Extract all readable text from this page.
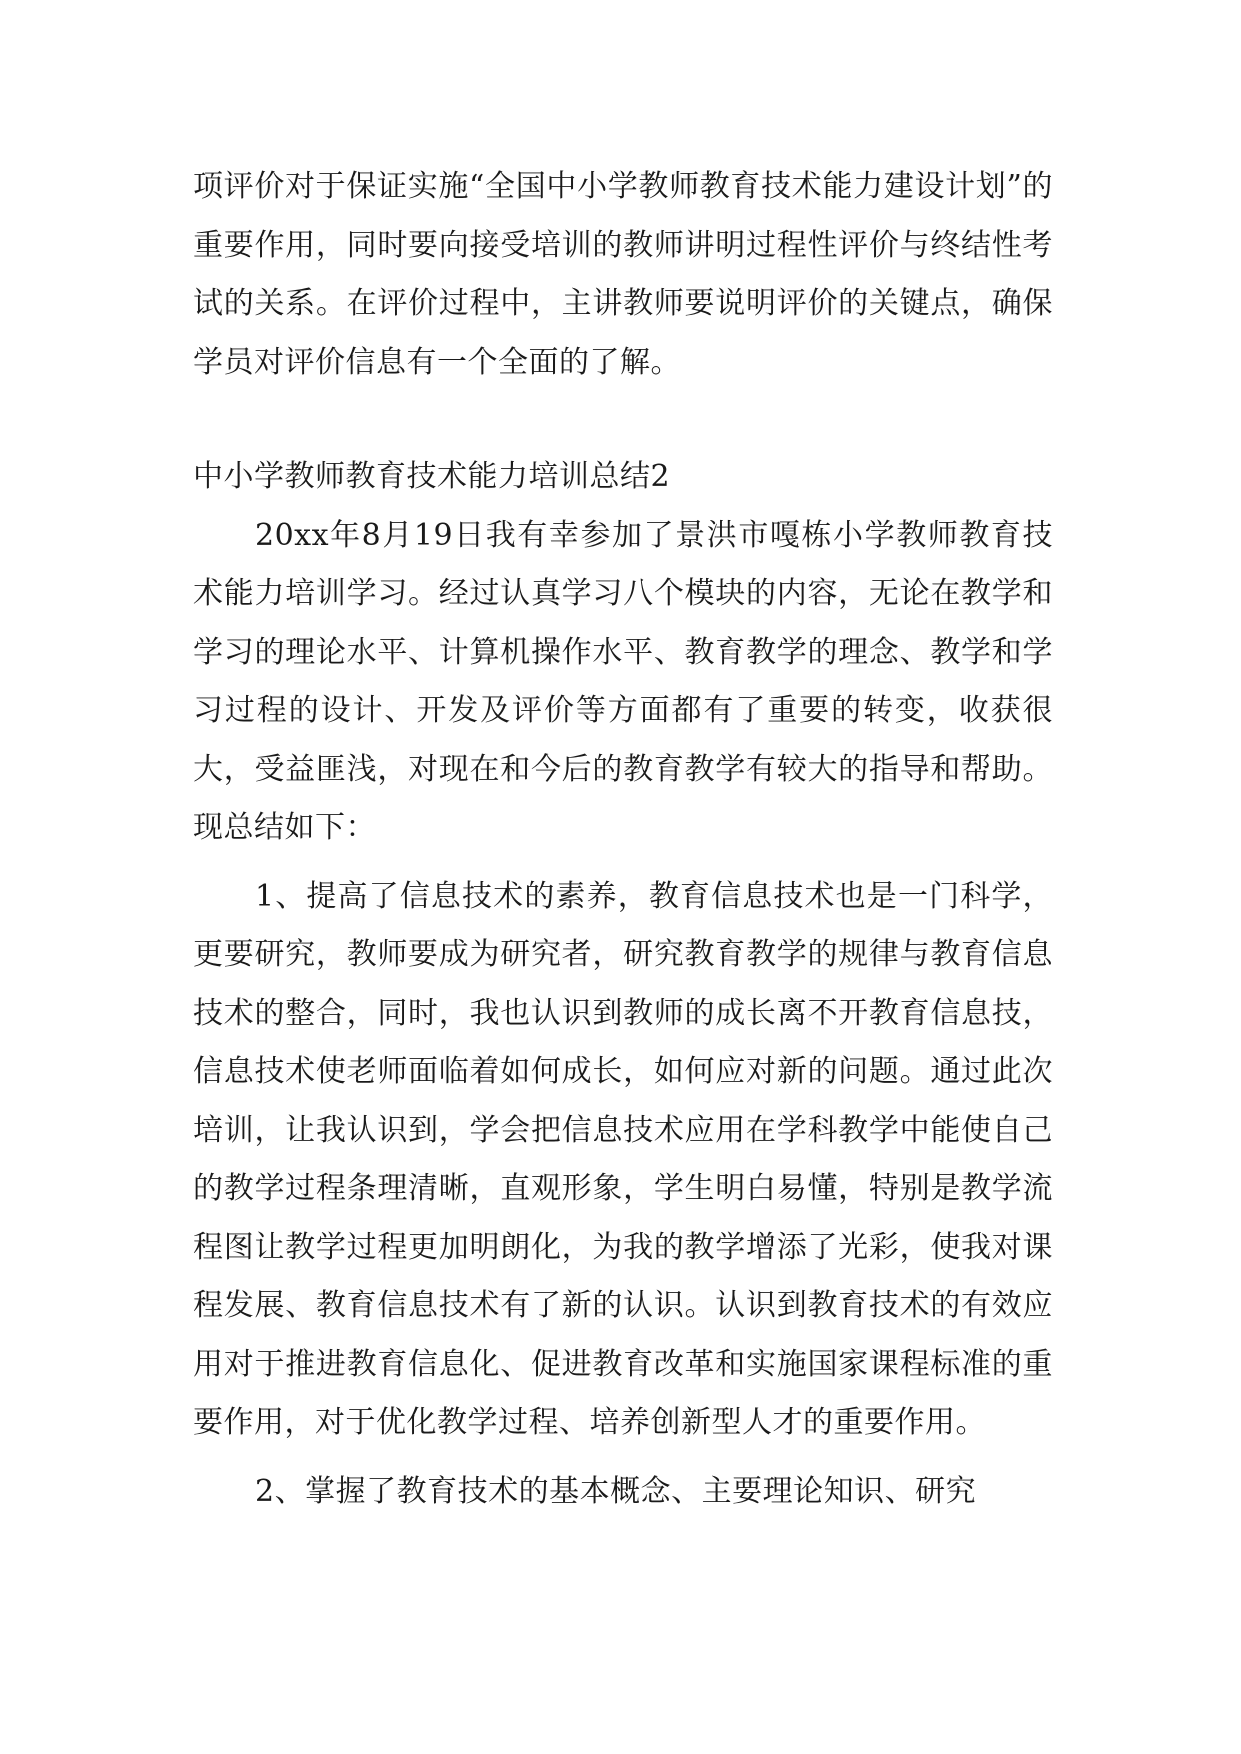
项评价对于保证实施“全国中小学教师教育技术能力建设计划”的重要作用，同时要向接受培训的教师讲明过程性评价与终结性考试的关系。在评价过程中，主讲教师要说明评价的关键点，确保学员对评价信息有一个全面的了解。

中小学教师教育技术能力培训总结2

20xx年8月19日我有幸参加了景洪市嘎栋小学教师教育技术能力培训学习。经过认真学习八个模块的内容，无论在教学和学习的理论水平、计算机操作水平、教育教学的理念、教学和学习过程的设计、开发及评价等方面都有了重要的转变，收获很大，受益匪浅，对现在和今后的教育教学有较大的指导和帮助。现总结如下：

1、提高了信息技术的素养，教育信息技术也是一门科学，更要研究，教师要成为研究者，研究教育教学的规律与教育信息技术的整合，同时，我也认识到教师的成长离不开教育信息技，信息技术使老师面临着如何成长，如何应对新的问题。通过此次培训，让我认识到，学会把信息技术应用在学科教学中能使自己的教学过程条理清晰，直观形象，学生明白易懂，特别是教学流程图让教学过程更加明朗化，为我的教学增添了光彩，使我对课程发展、教育信息技术有了新的认识。认识到教育技术的有效应用对于推进教育信息化、促进教育改革和实施国家课程标准的重要作用，对于优化教学过程、培养创新型人才的重要作用。

2、掌握了教育技术的基本概念、主要理论知识、研究
